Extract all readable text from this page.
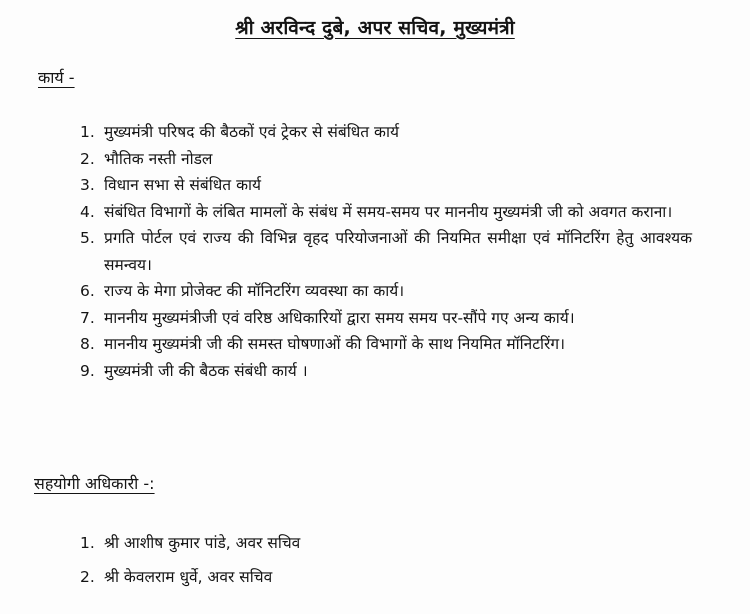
श्री अरविन्द दुबे, अपर सचिव, मुख्यमंत्री
कार्य -
1. मुख्यमंत्री परिषद की बैठकों एवं ट्रेकर से संबंधित कार्य
2. भौतिक नस्ती नोडल
3. विधान सभा से संबंधित कार्य
4. संबंधित विभागों के लंबित मामलों के संबंध में समय-समय पर माननीय मुख्यमंत्री जी को अवगत कराना।
5. प्रगति पोर्टल एवं राज्य की विभिन्न वृहद परियोजनाओं की नियमित समीक्षा एवं मॉनिटरिंग हेतु आवश्यक समन्वय।
6. राज्य के मेगा प्रोजेक्ट की मॉनिटरिंग व्यवस्था का कार्य।
7. माननीय मुख्यमंत्रीजी एवं वरिष्ठ अधिकारियों द्वारा समय समय पर-सौंपे गए अन्य कार्य।
8. माननीय मुख्यमंत्री जी की समस्त घोषणाओं की विभागों के साथ नियमित मॉनिटरिंग।
9. मुख्यमंत्री जी की बैठक संबंधी कार्य ।
सहयोगी अधिकारी -:
1. श्री आशीष कुमार पांडे, अवर सचिव
2. श्री केवलराम धुर्वे, अवर सचिव
